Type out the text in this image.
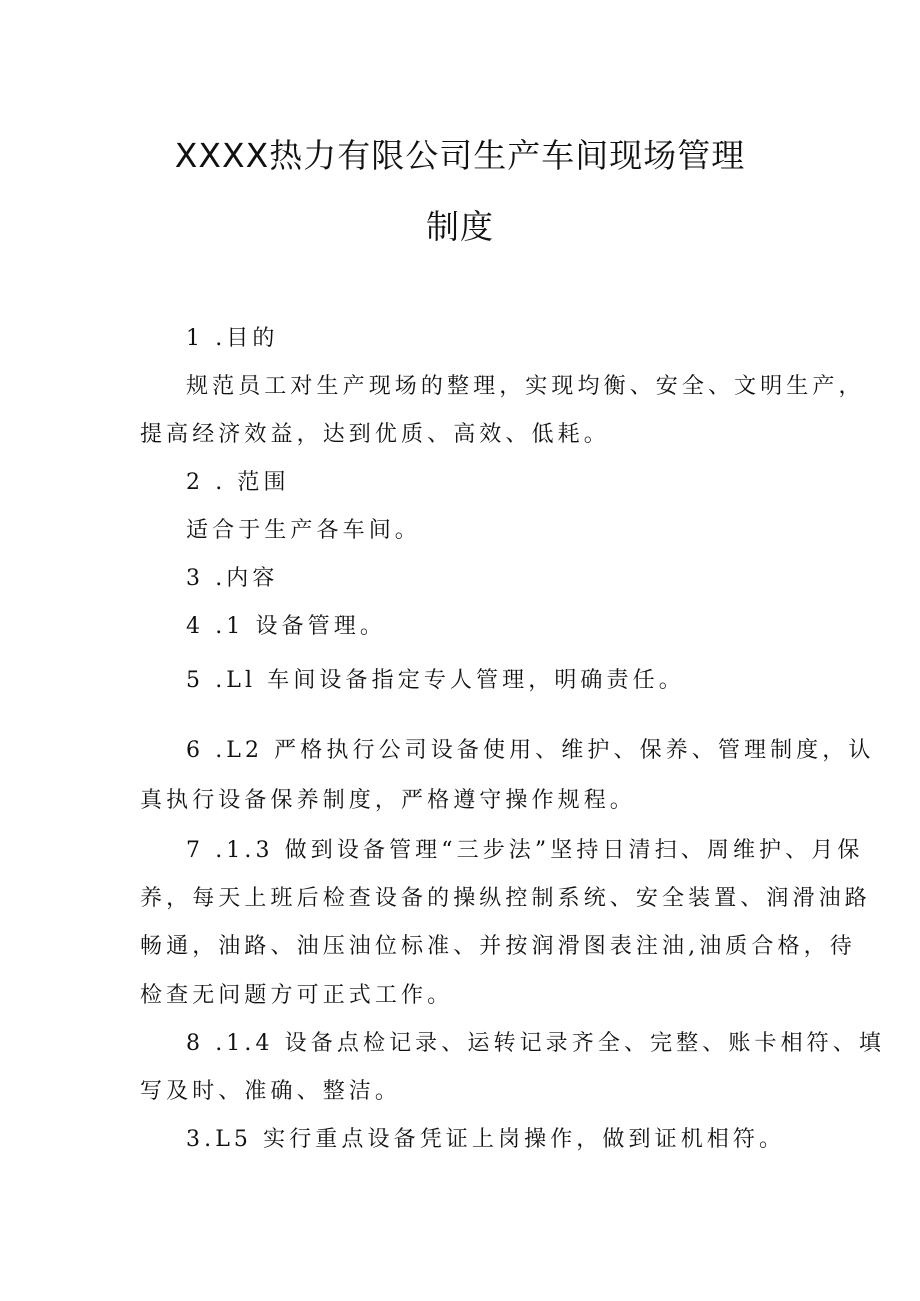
XXXX热力有限公司生产车间现场管理
制度
1 .目的
规范员工对生产现场的整理，实现均衡、安全、文明生产，
提高经济效益，达到优质、高效、低耗。
2 . 范围
适合于生产各车间。
3 .内容
4 .1 设备管理。
5 .Ll 车间设备指定专人管理，明确责任。
6 .L2 严格执行公司设备使用、维护、保养、管理制度，认
真执行设备保养制度，严格遵守操作规程。
7 .1.3 做到设备管理“三步法”坚持日清扫、周维护、月保
养，每天上班后检查设备的操纵控制系统、安全装置、润滑油路
畅通，油路、油压油位标准、并按润滑图表注油,油质合格，待
检查无问题方可正式工作。
8 .1.4 设备点检记录、运转记录齐全、完整、账卡相符、填
写及时、准确、整洁。
3.L5 实行重点设备凭证上岗操作，做到证机相符。
